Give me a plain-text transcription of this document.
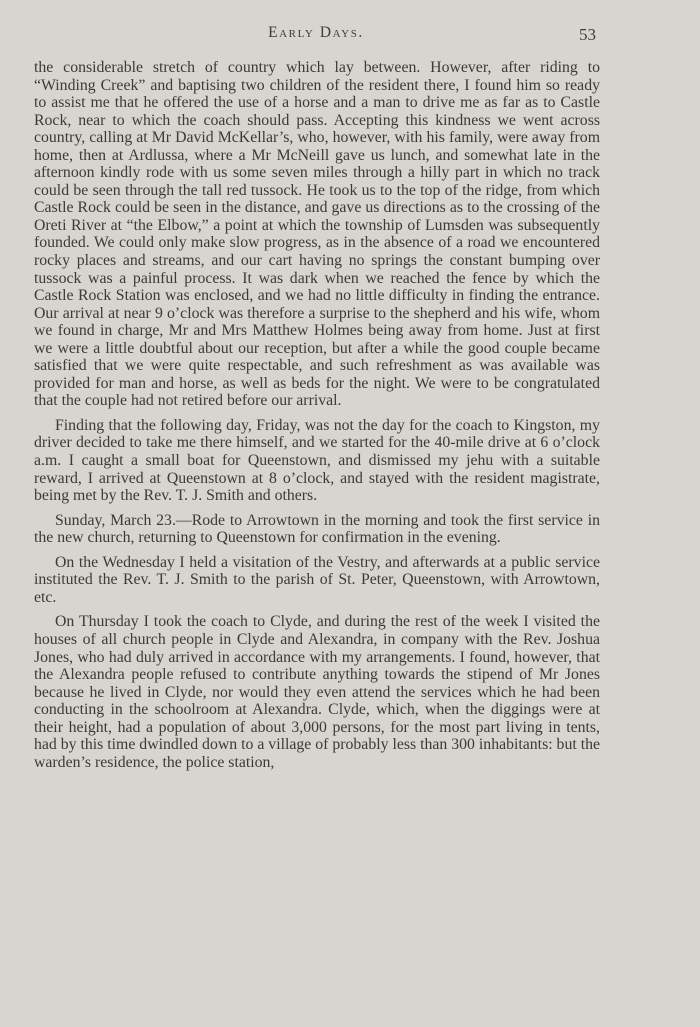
Early Days.	53

the considerable stretch of country which lay between. However, after riding to “Winding Creek” and baptising two children of the resident there, I found him so ready to assist me that he offered the use of a horse and a man to drive me as far as to Castle Rock, near to which the coach should pass. Accepting this kindness we went across country, calling at Mr David McKellar’s, who, however, with his family, were away from home, then at Ardlussa, where a Mr McNeill gave us lunch, and somewhat late in the afternoon kindly rode with us some seven miles through a hilly part in which no track could be seen through the tall red tussock. He took us to the top of the ridge, from which Castle Rock could be seen in the distance, and gave us directions as to the crossing of the Oreti River at “the Elbow,” a point at which the township of Lumsden was subsequently founded. We could only make slow progress, as in the absence of a road we encountered rocky places and streams, and our cart having no springs the constant bumping over tussock was a painful process. It was dark when we reached the fence by which the Castle Rock Station was enclosed, and we had no little difficulty in finding the entrance. Our arrival at near 9 o’clock was therefore a surprise to the shepherd and his wife, whom we found in charge, Mr and Mrs Matthew Holmes being away from home. Just at first we were a little doubtful about our reception, but after a while the good couple became satisfied that we were quite respectable, and such refreshment as was available was provided for man and horse, as well as beds for the night. We were to be congratulated that the couple had not retired before our arrival.

Finding that the following day, Friday, was not the day for the coach to Kingston, my driver decided to take me there himself, and we started for the 40-mile drive at 6 o’clock a.m. I caught a small boat for Queenstown, and dismissed my jehu with a suitable reward, I arrived at Queenstown at 8 o’clock, and stayed with the resident magistrate, being met by the Rev. T. J. Smith and others.

Sunday, March 23.—Rode to Arrowtown in the morning and took the first service in the new church, returning to Queenstown for confirmation in the evening.

On the Wednesday I held a visitation of the Vestry, and afterwards at a public service instituted the Rev. T. J. Smith to the parish of St. Peter, Queenstown, with Arrowtown, etc.

On Thursday I took the coach to Clyde, and during the rest of the week I visited the houses of all church people in Clyde and Alexandra, in company with the Rev. Joshua Jones, who had duly arrived in accordance with my arrangements. I found, however, that the Alexandra people refused to contribute anything towards the stipend of Mr Jones because he lived in Clyde, nor would they even attend the services which he had been conducting in the schoolroom at Alexandra. Clyde, which, when the diggings were at their height, had a population of about 3,000 persons, for the most part living in tents, had by this time dwindled down to a village of probably less than 300 inhabitants: but the warden’s residence, the police station,
